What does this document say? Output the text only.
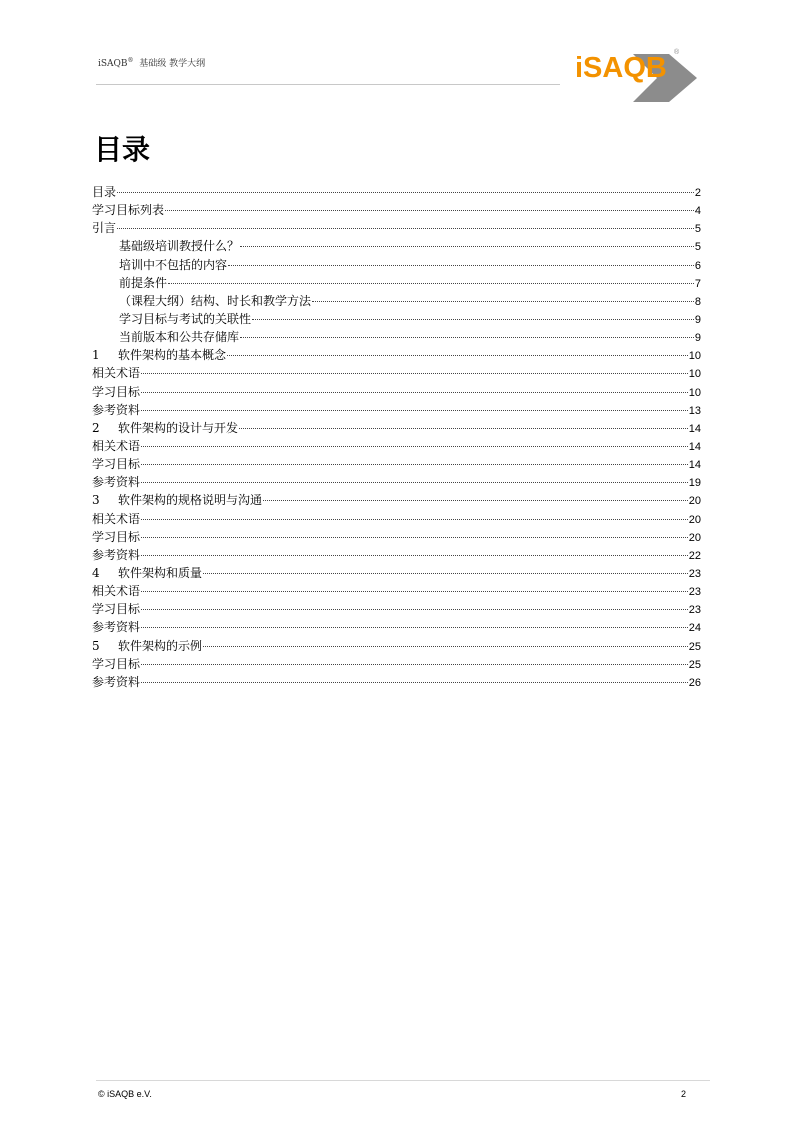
iSAQB® 基础级 教学大纲	iSAQB ®
目录
目录	2
学习目标列表	4
引言	5
基础级培训教授什么？	5
培训中不包括的内容	6
前提条件	7
（课程大纲）结构、时长和教学方法	8
学习目标与考试的关联性	9
当前版本和公共存储库	9
1	软件架构的基本概念	10
相关术语	10
学习目标	10
参考资料	13
2	软件架构的设计与开发	14
相关术语	14
学习目标	14
参考资料	19
3	软件架构的规格说明与沟通	20
相关术语	20
学习目标	20
参考资料	22
4	软件架构和质量	23
相关术语	23
学习目标	23
参考资料	24
5	软件架构的示例	25
学习目标	25
参考资料	26
© iSAQB e.V.	2
